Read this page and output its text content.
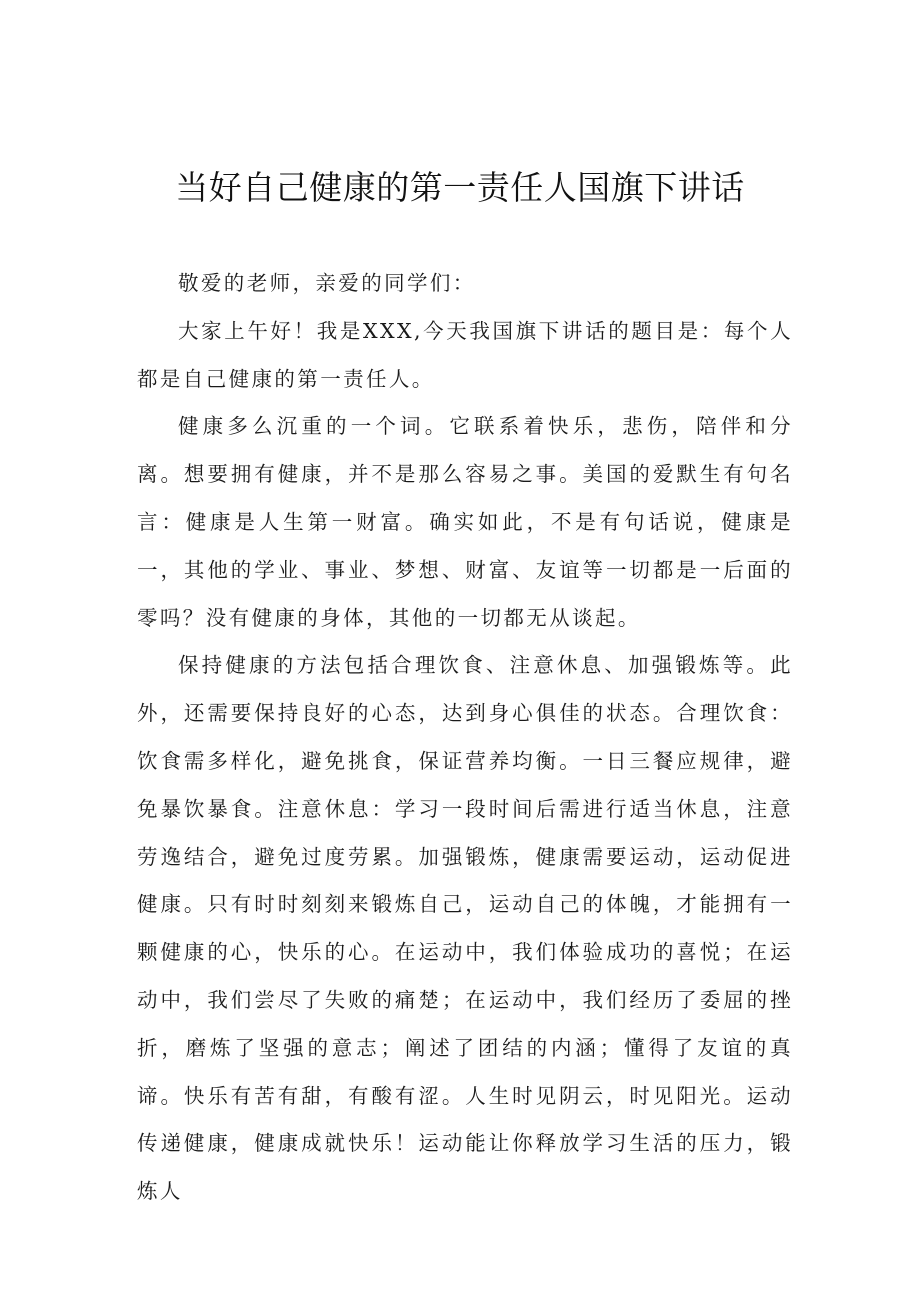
当好自己健康的第一责任人国旗下讲话

敬爱的老师，亲爱的同学们：

大家上午好！我是XXX,今天我国旗下讲话的题目是：每个人都是自己健康的第一责任人。

健康多么沉重的一个词。它联系着快乐，悲伤，陪伴和分离。想要拥有健康，并不是那么容易之事。美国的爱默生有句名言：健康是人生第一财富。确实如此，不是有句话说，健康是一，其他的学业、事业、梦想、财富、友谊等一切都是一后面的零吗？没有健康的身体，其他的一切都无从谈起。

保持健康的方法包括合理饮食、注意休息、加强锻炼等。此外，还需要保持良好的心态，达到身心俱佳的状态。合理饮食：饮食需多样化，避免挑食，保证营养均衡。一日三餐应规律，避免暴饮暴食。注意休息：学习一段时间后需进行适当休息，注意劳逸结合，避免过度劳累。加强锻炼，健康需要运动，运动促进健康。只有时时刻刻来锻炼自己，运动自己的体魄，才能拥有一颗健康的心，快乐的心。在运动中，我们体验成功的喜悦；在运动中，我们尝尽了失败的痛楚；在运动中，我们经历了委屈的挫折，磨炼了坚强的意志；阐述了团结的内涵；懂得了友谊的真谛。快乐有苦有甜，有酸有涩。人生时见阴云，时见阳光。运动传递健康，健康成就快乐！运动能让你释放学习生活的压力，锻炼人
